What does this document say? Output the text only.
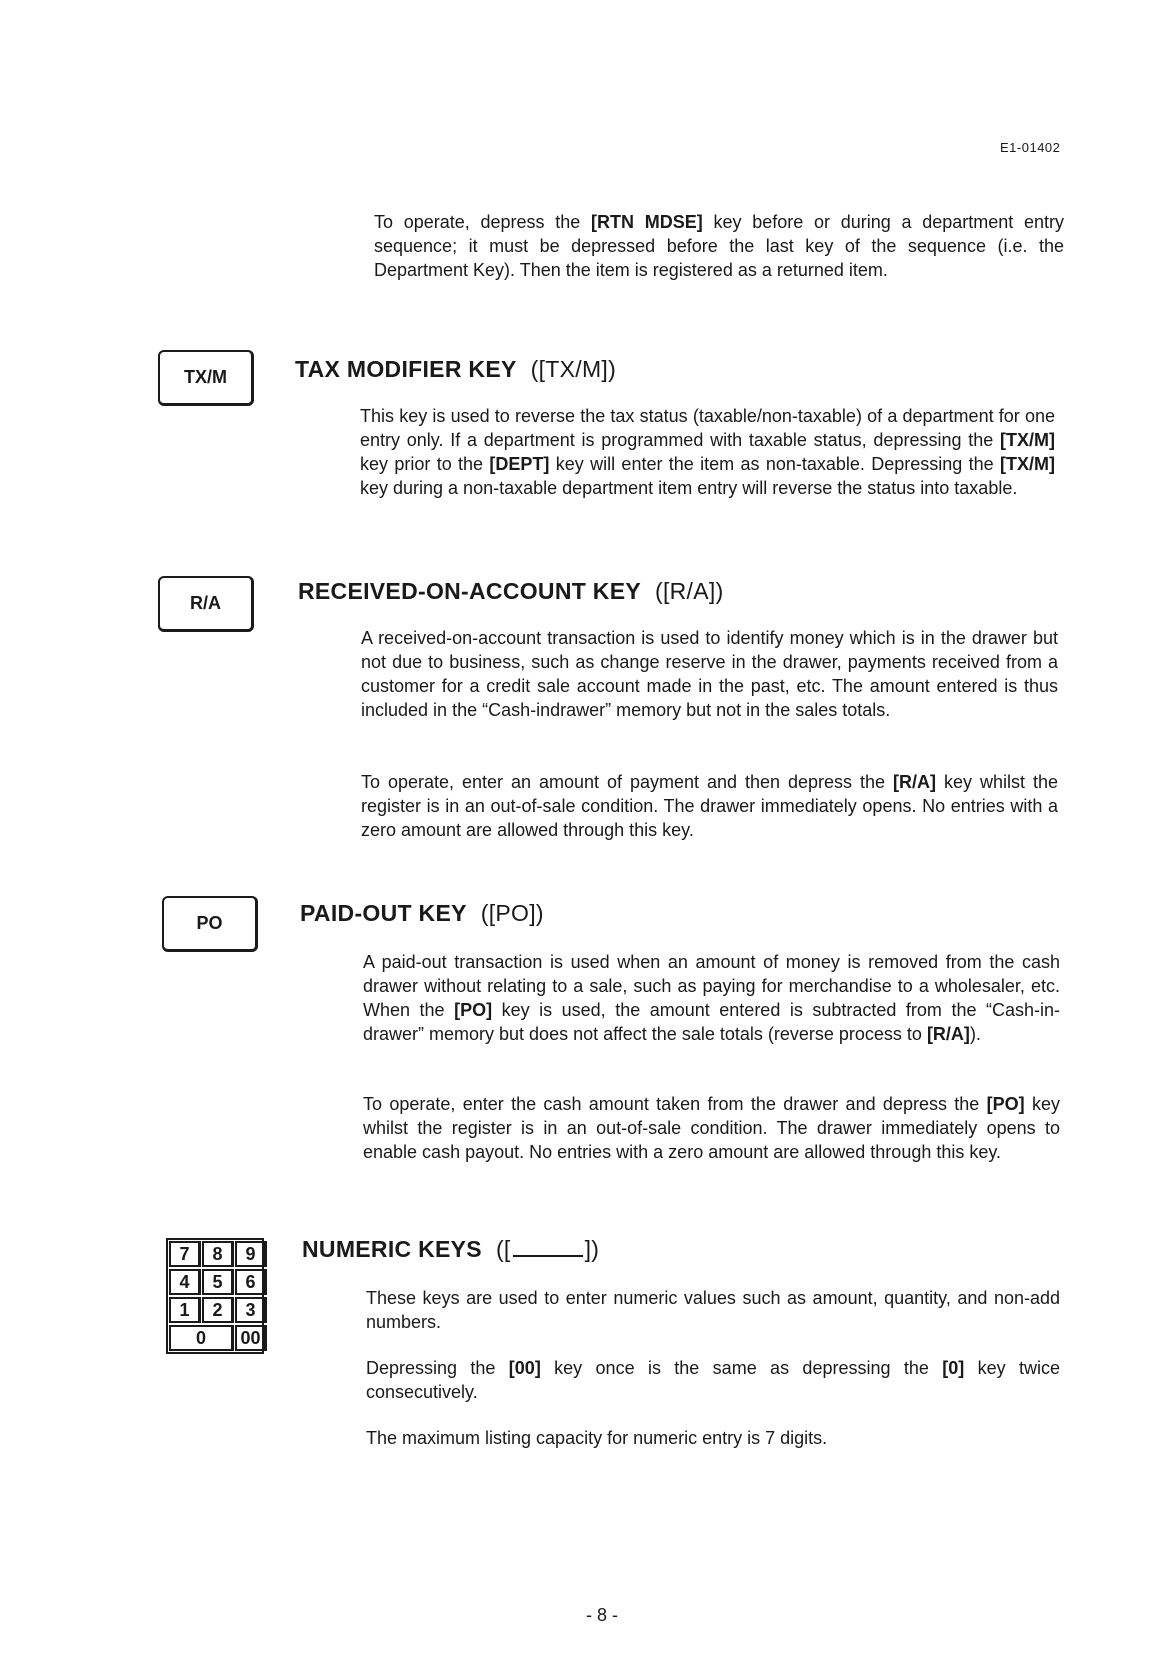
E1-01402

To operate, depress the [RTN MDSE] key before or during a department entry sequence; it must be depressed before the last key of the sequence (i.e. the Department Key). Then the item is registered as a returned item.

TX/M	TAX MODIFIER KEY ([TX/M])

This key is used to reverse the tax status (taxable/non-taxable) of a department for one entry only. If a department is programmed with taxable status, depressing the [TX/M] key prior to the [DEPT] key will enter the item as non-taxable. Depressing the [TX/M] key during a non-taxable department item entry will reverse the status into taxable.

R/A	RECEIVED-ON-ACCOUNT KEY ([R/A])

A received-on-account transaction is used to identify money which is in the drawer but not due to business, such as change reserve in the drawer, payments received from a customer for a credit sale account made in the past, etc. The amount entered is thus included in the “Cash-indrawer” memory but not in the sales totals.

To operate, enter an amount of payment and then depress the [R/A] key whilst the register is in an out-of-sale condition. The drawer immediately opens. No entries with a zero amount are allowed through this key.

PO	PAID-OUT KEY ([PO])

A paid-out transaction is used when an amount of money is removed from the cash drawer without relating to a sale, such as paying for merchandise to a wholesaler, etc. When the [PO] key is used, the amount entered is subtracted from the “Cash-in-drawer” memory but does not affect the sale totals (reverse process to [R/A]).

To operate, enter the cash amount taken from the drawer and depress the [PO] key whilst the register is in an out-of-sale condition. The drawer immediately opens to enable cash payout. No entries with a zero amount are allowed through this key.

7	8	9
4	5	6
1	2	3
0	00
NUMERIC KEYS ([	])

These keys are used to enter numeric values such as amount, quantity, and non-add numbers.

Depressing the [00] key once is the same as depressing the [0] key twice consecutively.

The maximum listing capacity for numeric entry is 7 digits.

- 8 -
